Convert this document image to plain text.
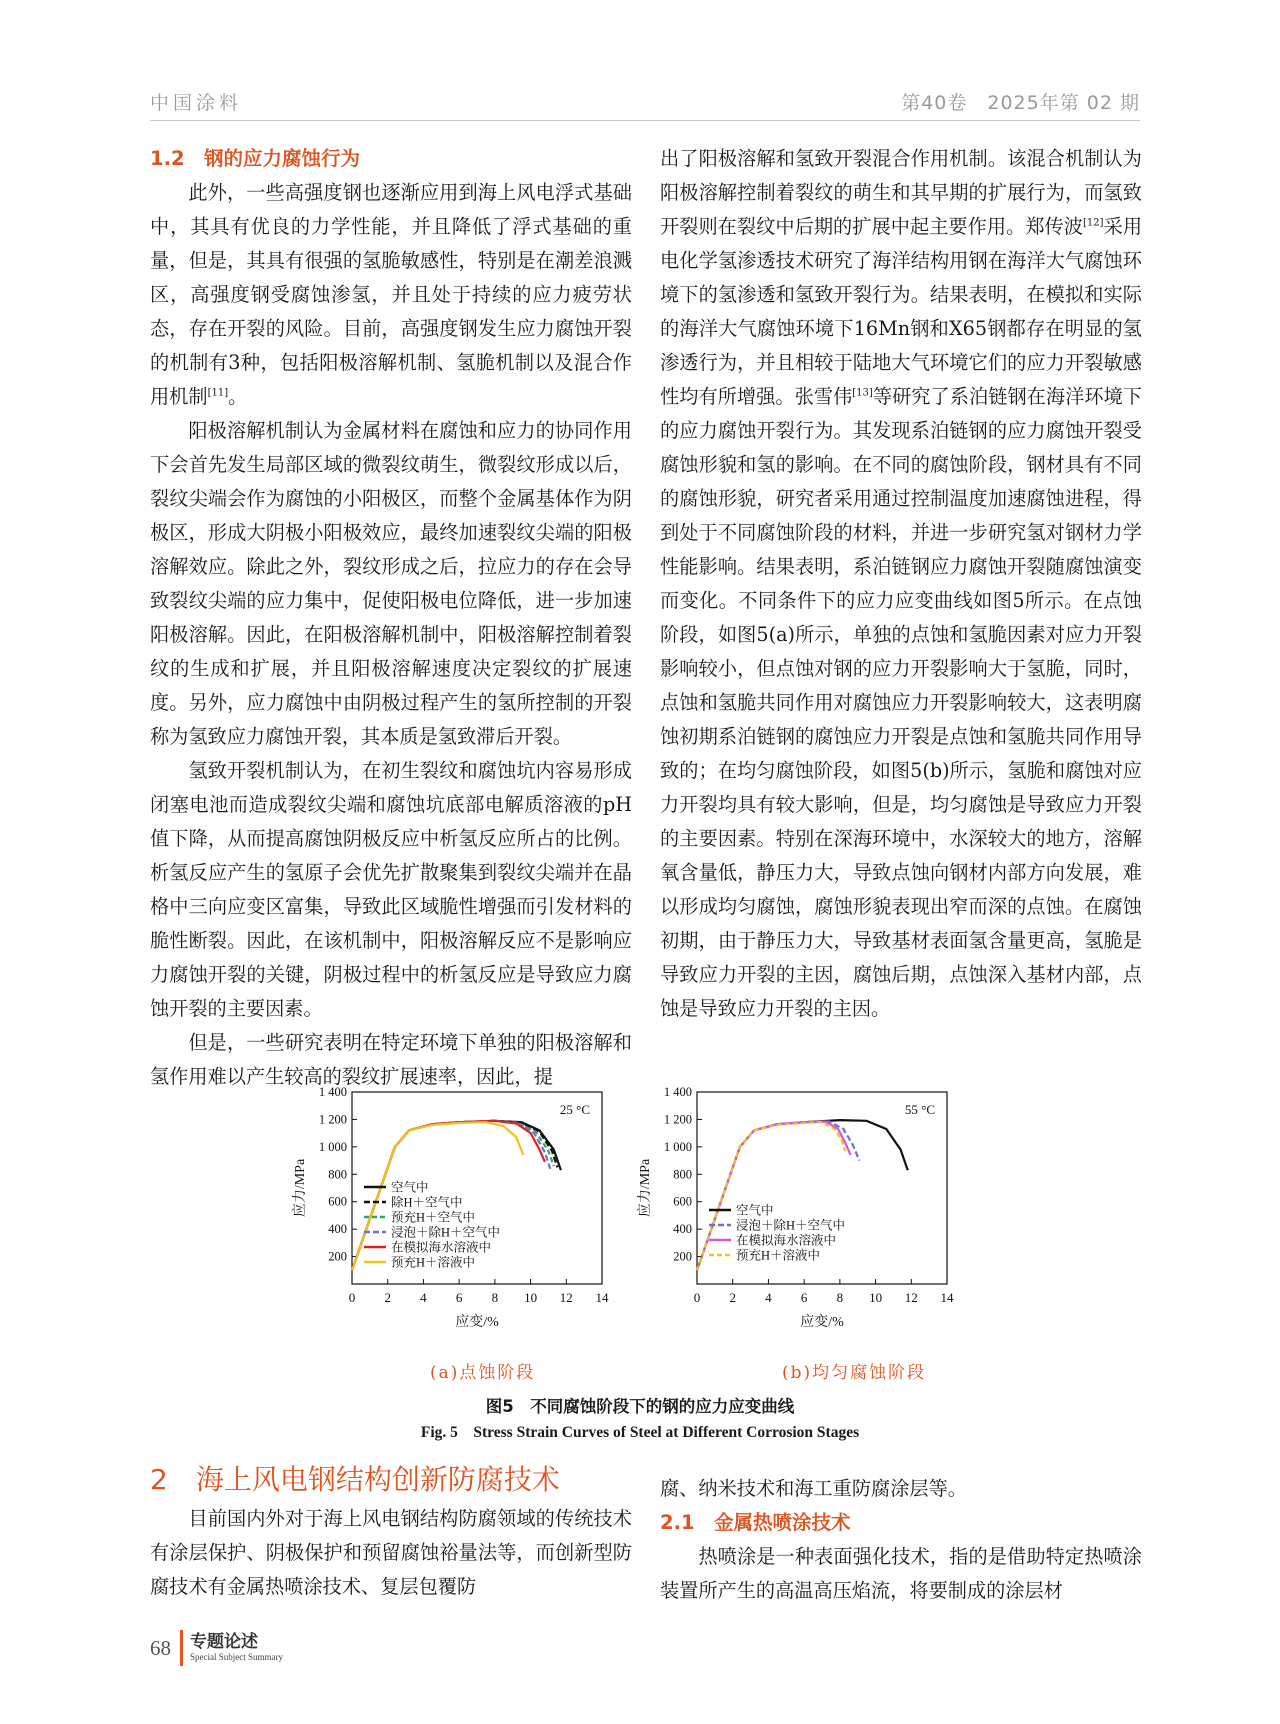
中国涂料	第40卷　2025年第 02 期

1.2　钢的应力腐蚀行为

此外，一些高强度钢也逐渐应用到海上风电浮式基础中，其具有优良的力学性能，并且降低了浮式基础的重量，但是，其具有很强的氢脆敏感性，特别是在潮差浪溅区，高强度钢受腐蚀渗氢，并且处于持续的应力疲劳状态，存在开裂的风险。目前，高强度钢发生应力腐蚀开裂的机制有3种，包括阳极溶解机制、氢脆机制以及混合作用机制[11]。

阳极溶解机制认为金属材料在腐蚀和应力的协同作用下会首先发生局部区域的微裂纹萌生，微裂纹形成以后，裂纹尖端会作为腐蚀的小阳极区，而整个金属基体作为阴极区，形成大阴极小阳极效应，最终加速裂纹尖端的阳极溶解效应。除此之外，裂纹形成之后，拉应力的存在会导致裂纹尖端的应力集中，促使阳极电位降低，进一步加速阳极溶解。因此，在阳极溶解机制中，阳极溶解控制着裂纹的生成和扩展，并且阳极溶解速度决定裂纹的扩展速度。另外，应力腐蚀中由阴极过程产生的氢所控制的开裂称为氢致应力腐蚀开裂，其本质是氢致滞后开裂。

氢致开裂机制认为，在初生裂纹和腐蚀坑内容易形成闭塞电池而造成裂纹尖端和腐蚀坑底部电解质溶液的pH值下降，从而提高腐蚀阴极反应中析氢反应所占的比例。析氢反应产生的氢原子会优先扩散聚集到裂纹尖端并在晶格中三向应变区富集，导致此区域脆性增强而引发材料的脆性断裂。因此，在该机制中，阳极溶解反应不是影响应力腐蚀开裂的关键，阴极过程中的析氢反应是导致应力腐蚀开裂的主要因素。

但是，一些研究表明在特定环境下单独的阳极溶解和氢作用难以产生较高的裂纹扩展速率，因此，提

出了阳极溶解和氢致开裂混合作用机制。该混合机制认为阳极溶解控制着裂纹的萌生和其早期的扩展行为，而氢致开裂则在裂纹中后期的扩展中起主要作用。郑传波[12]采用电化学氢渗透技术研究了海洋结构用钢在海洋大气腐蚀环境下的氢渗透和氢致开裂行为。结果表明，在模拟和实际的海洋大气腐蚀环境下16Mn钢和X65钢都存在明显的氢渗透行为，并且相较于陆地大气环境它们的应力开裂敏感性均有所增强。张雪伟[13]等研究了系泊链钢在海洋环境下的应力腐蚀开裂行为。其发现系泊链钢的应力腐蚀开裂受腐蚀形貌和氢的影响。在不同的腐蚀阶段，钢材具有不同的腐蚀形貌，研究者采用通过控制温度加速腐蚀进程，得到处于不同腐蚀阶段的材料，并进一步研究氢对钢材力学性能影响。结果表明，系泊链钢应力腐蚀开裂随腐蚀演变而变化。不同条件下的应力应变曲线如图5所示。在点蚀阶段，如图5(a)所示，单独的点蚀和氢脆因素对应力开裂影响较小，但点蚀对钢的应力开裂影响大于氢脆，同时，点蚀和氢脆共同作用对腐蚀应力开裂影响较大，这表明腐蚀初期系泊链钢的腐蚀应力开裂是点蚀和氢脆共同作用导致的；在均匀腐蚀阶段，如图5(b)所示，氢脆和腐蚀对应力开裂均具有较大影响，但是，均匀腐蚀是导致应力开裂的主要因素。特别在深海环境中，水深较大的地方，溶解氧含量低，静压力大，导致点蚀向钢材内部方向发展，难以形成均匀腐蚀，腐蚀形貌表现出窄而深的点蚀。在腐蚀初期，由于静压力大，导致基材表面氢含量更高，氢脆是导致应力开裂的主因，腐蚀后期，点蚀深入基材内部，点蚀是导致应力开裂的主因。

0 2 4 6 8 10 12 14
200
400
600
800
1 000
1 200
1 400
应变/%
应力/MPa
25 °C
空气中
除H＋空气中
预充H＋空气中
浸泡＋除H＋空气中
在模拟海水溶液中
预充H＋溶液中
0 2 4 6 8 10 12 14
200
400
600
800
1 000
1 200
1 400
应变/%
应力/MPa
55 °C
空气中
浸泡＋除H＋空气中
在模拟海水溶液中
预充H＋溶液中
(a)点蚀阶段	(b)均匀腐蚀阶段
图5　不同腐蚀阶段下的钢的应力应变曲线
Fig. 5　Stress Strain Curves of Steel at Different Corrosion Stages

2　海上风电钢结构创新防腐技术

目前国内外对于海上风电钢结构防腐领域的传统技术有涂层保护、阴极保护和预留腐蚀裕量法等，而创新型防腐技术有金属热喷涂技术、复层包覆防

腐、纳米技术和海工重防腐涂层等。

2.1　金属热喷涂技术

热喷涂是一种表面强化技术，指的是借助特定热喷涂装置所产生的高温高压焰流，将要制成的涂层材

68 专题论述
Special Subject Summary
